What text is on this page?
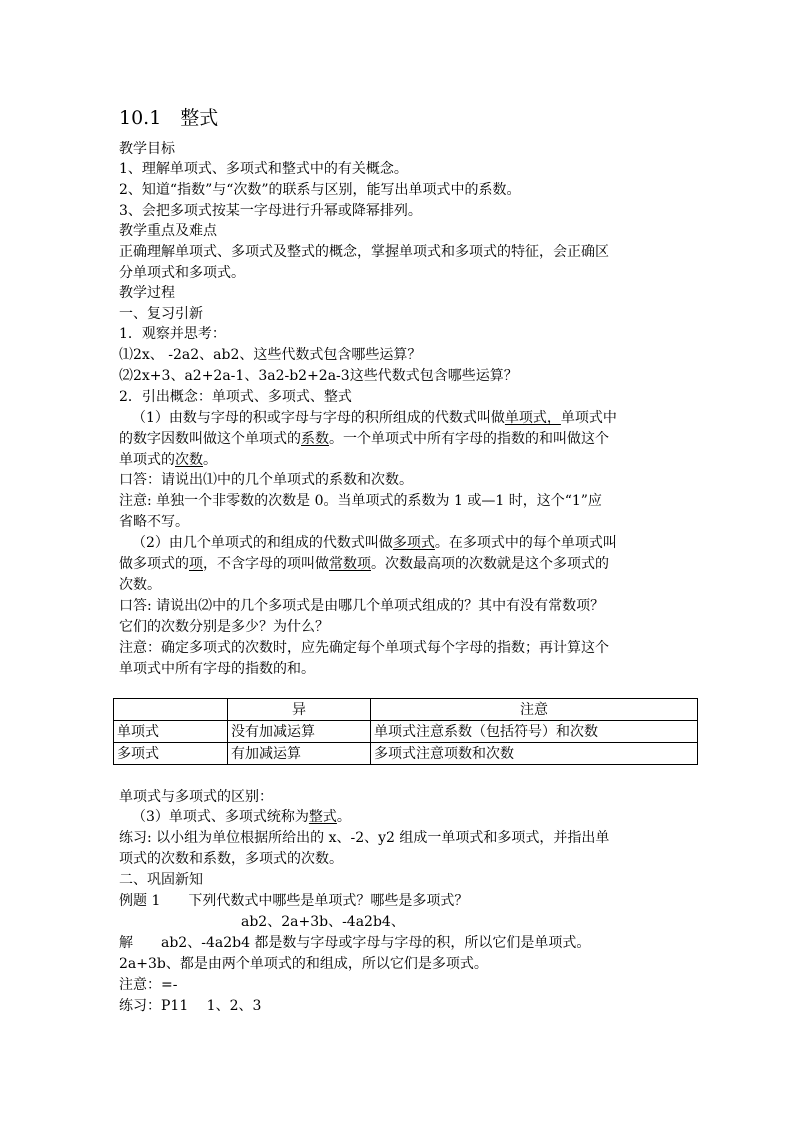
10.1　整式
教学目标
1、理解单项式、多项式和整式中的有关概念。
2、知道“指数”与“次数”的联系与区别，能写出单项式中的系数。
3、会把多项式按某一字母进行升幂或降幂排列。
教学重点及难点
正确理解单项式、多项式及整式的概念，掌握单项式和多项式的特征，会正确区
分单项式和多项式。
教学过程
一、复习引新
1．观察并思考：
⑴2x、 -2a2、ab2、这些代数式包含哪些运算？
⑵2x+3、a2+2a-1、3a2-b2+2a-3这些代数式包含哪些运算？
2．引出概念：单项式、多项式、整式
（1）由数与字母的积或字母与字母的积所组成的代数式叫做单项式，单项式中
的数字因数叫做这个单项式的系数。一个单项式中所有字母的指数的和叫做这个
单项式的次数。
口答：请说出⑴中的几个单项式的系数和次数。
注意: 单独一个非零数的次数是 0。当单项式的系数为 1 或—1 时，这个“1”应
省略不写。
（2）由几个单项式的和组成的代数式叫做多项式。在多项式中的每个单项式叫
做多项式的项，不含字母的项叫做常数项。次数最高项的次数就是这个多项式的
次数。
口答: 请说出⑵中的几个多项式是由哪几个单项式组成的？其中有没有常数项？
它们的次数分别是多少？为什么？
注意：确定多项式的次数时，应先确定每个单项式每个字母的指数；再计算这个
单项式中所有字母的指数的和。
	异	注意
单项式	没有加减运算	单项式注意系数（包括符号）和次数
多项式	有加减运算	多项式注意项数和次数
单项式与多项式的区别：
（3）单项式、多项式统称为整式。
练习: 以小组为单位根据所给出的 x、-2、y2 组成一单项式和多项式，并指出单
项式的次数和系数，多项式的次数。
二、巩固新知
例题 1　　下列代数式中哪些是单项式？哪些是多项式？
ab2、2a+3b、-4a2b4、
解　　ab2、-4a2b4 都是数与字母或字母与字母的积，所以它们是单项式。
2a+3b、都是由两个单项式的和组成，所以它们是多项式。
注意：=-
练习：P11　 1、2、3
